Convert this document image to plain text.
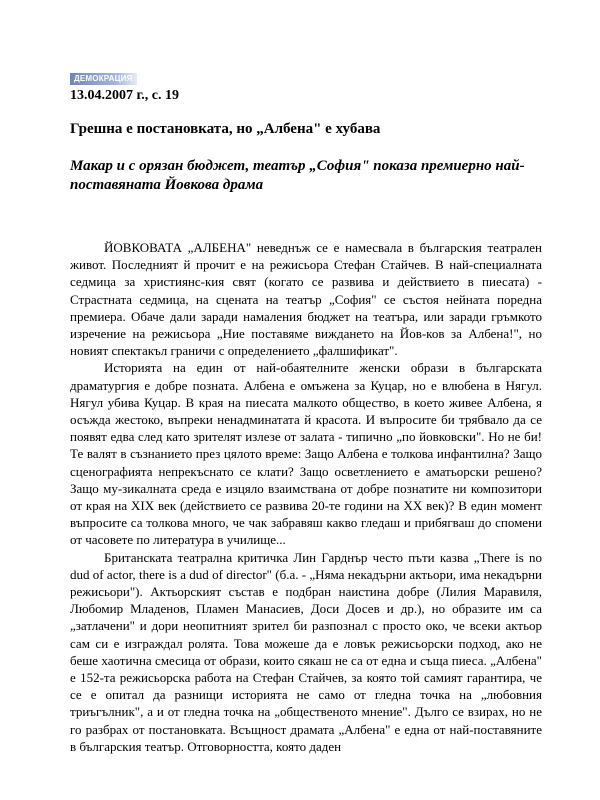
ДЕМОКРАЦИЯ
13.04.2007 г., с. 19
Грешна е постановката, но „Албена" е хубава
Макар и с орязан бюджет, театър „София" показа премиерно най-поставяната Йовкова драма

ЙОВКОВАТА „АЛБЕНА" неведнъж се е намесвала в българския театрален живот. Последният й прочит е на режисьора Стефан Стайчев. В най-специалната седмица за християнс-кия свят (когато се развива и действието в пиесата) - Страстната седмица, на сцената на театър „София" се състоя нейната поредна премиера. Обаче дали заради намаления бюджет на театъра, или заради гръмкото изречение на режисьора „Ние поставяме виждането на Йов-ков за Албена!", но новият спектакъл граничи с определението „фалшификат".

Историята на един от най-обаятелните женски образи в българската драматургия е добре позната. Албена е омъжена за Куцар, но е влюбена в Нягул. Нягул убива Куцар. В края на пиесата малкото общество, в което живее Албена, я осъжда жестоко, въпреки ненадминатата й красота. И въпросите би трябвало да се появят едва след като зрителят излезе от залата - типично „по йовковски". Но не би! Те валят в съзнанието през цялото време: Защо Албена е толкова инфантилна? Защо сценографията непрекъснато се клати? Защо осветлението е аматьорски решено? Защо му-зикалната среда е изцяло взаимствана от добре познатите ни композитори от края на XIX век (действието се развива 20-те години на XX век)? В един момент въпросите са толкова много, че чак забравяш какво гледаш и прибягваш до спомени от часовете по литература в училище...

Британската театрална критичка Лин Гарднър често пъти казва „There is no dud of actor, there is a dud of director" (б.а. - „Няма некадърни актьори, има некадърни режисьори"). Актьорският състав е подбран наистина добре (Лилия Маравиля, Любомир Младенов, Пламен Манасиев, Доси Досев и др.), но образите им са „затлачени" и дори неопитният зрител би разпознал с просто око, че всеки актьор сам си е изграждал ролята. Това можеше да е ловък режисьорски подход, ако не беше хаотична смесица от образи, които сякаш не са от една и съща пиеса. „Албена" е 152-та режисьорска работа на Стефан Стайчев, за която той самият гарантира, че се е опитал да разнищи историята не само от гледна точка на „любовния триъгълник", а и от гледна точка на „общественото мнение". Дълго се взирах, но не го разбрах от постановката. Всъщност драмата „Албена" е една от най-поставяните в българския театър. Отговорността, която даден
